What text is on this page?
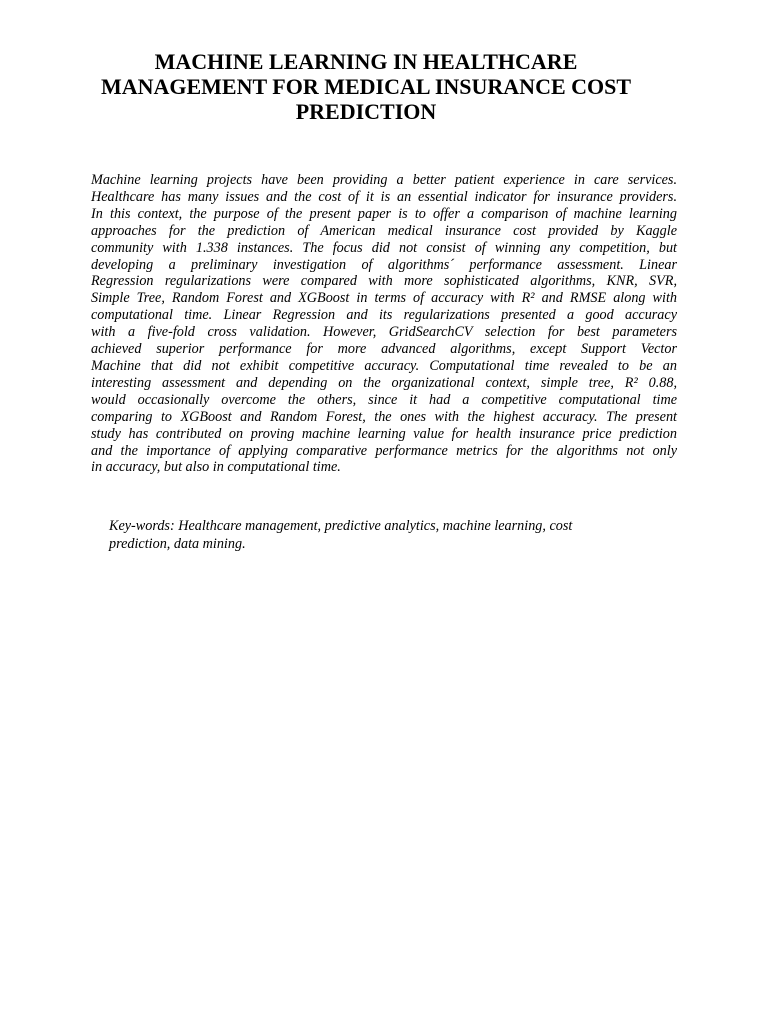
MACHINE LEARNING IN HEALTHCARE
MANAGEMENT FOR MEDICAL INSURANCE COST
PREDICTION

Machine learning projects have been providing a better patient experience in care services.
Healthcare has many issues and the cost of it is an essential indicator for insurance providers.
In this context, the purpose of the present paper is to offer a comparison of machine learning
approaches for the prediction of American medical insurance cost provided by Kaggle
community with 1.338 instances. The focus did not consist of winning any competition, but
developing a preliminary investigation of algorithms´ performance assessment. Linear
Regression regularizations were compared with more sophisticated algorithms, KNR, SVR,
Simple Tree, Random Forest and XGBoost in terms of accuracy with R² and RMSE along with
computational time. Linear Regression and its regularizations presented a good accuracy
with a five-fold cross validation. However, GridSearchCV selection for best parameters
achieved superior performance for more advanced algorithms, except Support Vector
Machine that did not exhibit competitive accuracy. Computational time revealed to be an
interesting assessment and depending on the organizational context, simple tree, R² 0.88,
would occasionally overcome the others, since it had a competitive computational time
comparing to XGBoost and Random Forest, the ones with the highest accuracy. The present
study has contributed on proving machine learning value for health insurance price prediction
and the importance of applying comparative performance metrics for the algorithms not only
in accuracy, but also in computational time.

Key-words: Healthcare management, predictive analytics, machine learning, cost
prediction, data mining.
